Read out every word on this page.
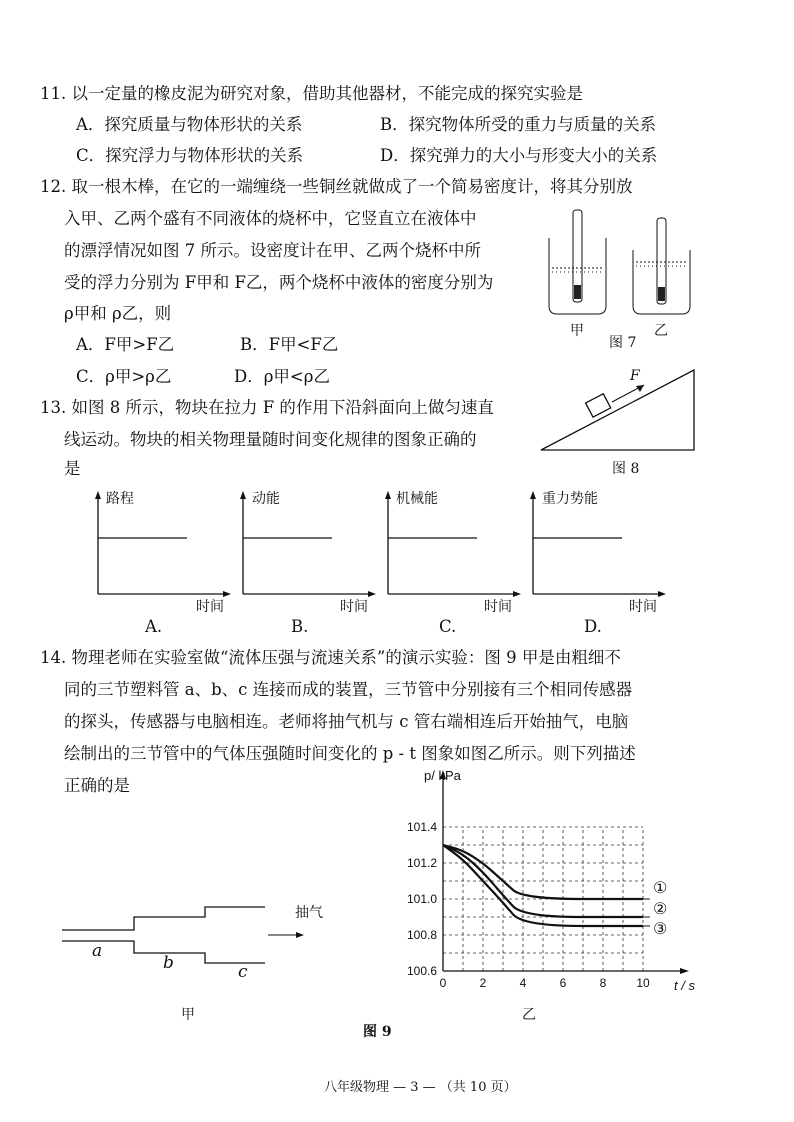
11. 以一定量的橡皮泥为研究对象，借助其他器材，不能完成的探究实验是
A．探究质量与物体形状的关系	B．探究物体所受的重力与质量的关系
C．探究浮力与物体形状的关系	D．探究弹力的大小与形变大小的关系
12. 取一根木棒，在它的一端缠绕一些铜丝就做成了一个简易密度计，将其分别放
入甲、乙两个盛有不同液体的烧杯中，它竖直立在液体中
的漂浮情况如图 7 所示。设密度计在甲、乙两个烧杯中所
受的浮力分别为 F甲和 F乙，两个烧杯中液体的密度分别为
ρ甲和 ρ乙，则
A．F甲>F乙	B．F甲<F乙
C．ρ甲>ρ乙	D．ρ甲<ρ乙
甲	乙
图 7
13. 如图 8 所示，物块在拉力 F 的作用下沿斜面向上做匀速直
线运动。物块的相关物理量随时间变化规律的图象正确的
是
F
图 8
路程
时间
A.
动能
时间
B.
机械能
时间
C.
重力势能
时间
D.
14. 物理老师在实验室做“流体压强与流速关系”的演示实验：图 9 甲是由粗细不
同的三节塑料管 a、b、c 连接而成的装置，三节管中分别接有三个相同传感器
的探头，传感器与电脑相连。老师将抽气机与 c 管右端相连后开始抽气，电脑
绘制出的三节管中的气体压强随时间变化的 p - t 图象如图乙所示。则下列描述
正确的是
a
b	c
抽气
甲
0	2	4	6	8 10
100.6
100.8
101.0
101.2
101.4
p/ kPa
t / s
①
②
③
乙
图 9
八年级物理 — 3 — （共 10 页）
